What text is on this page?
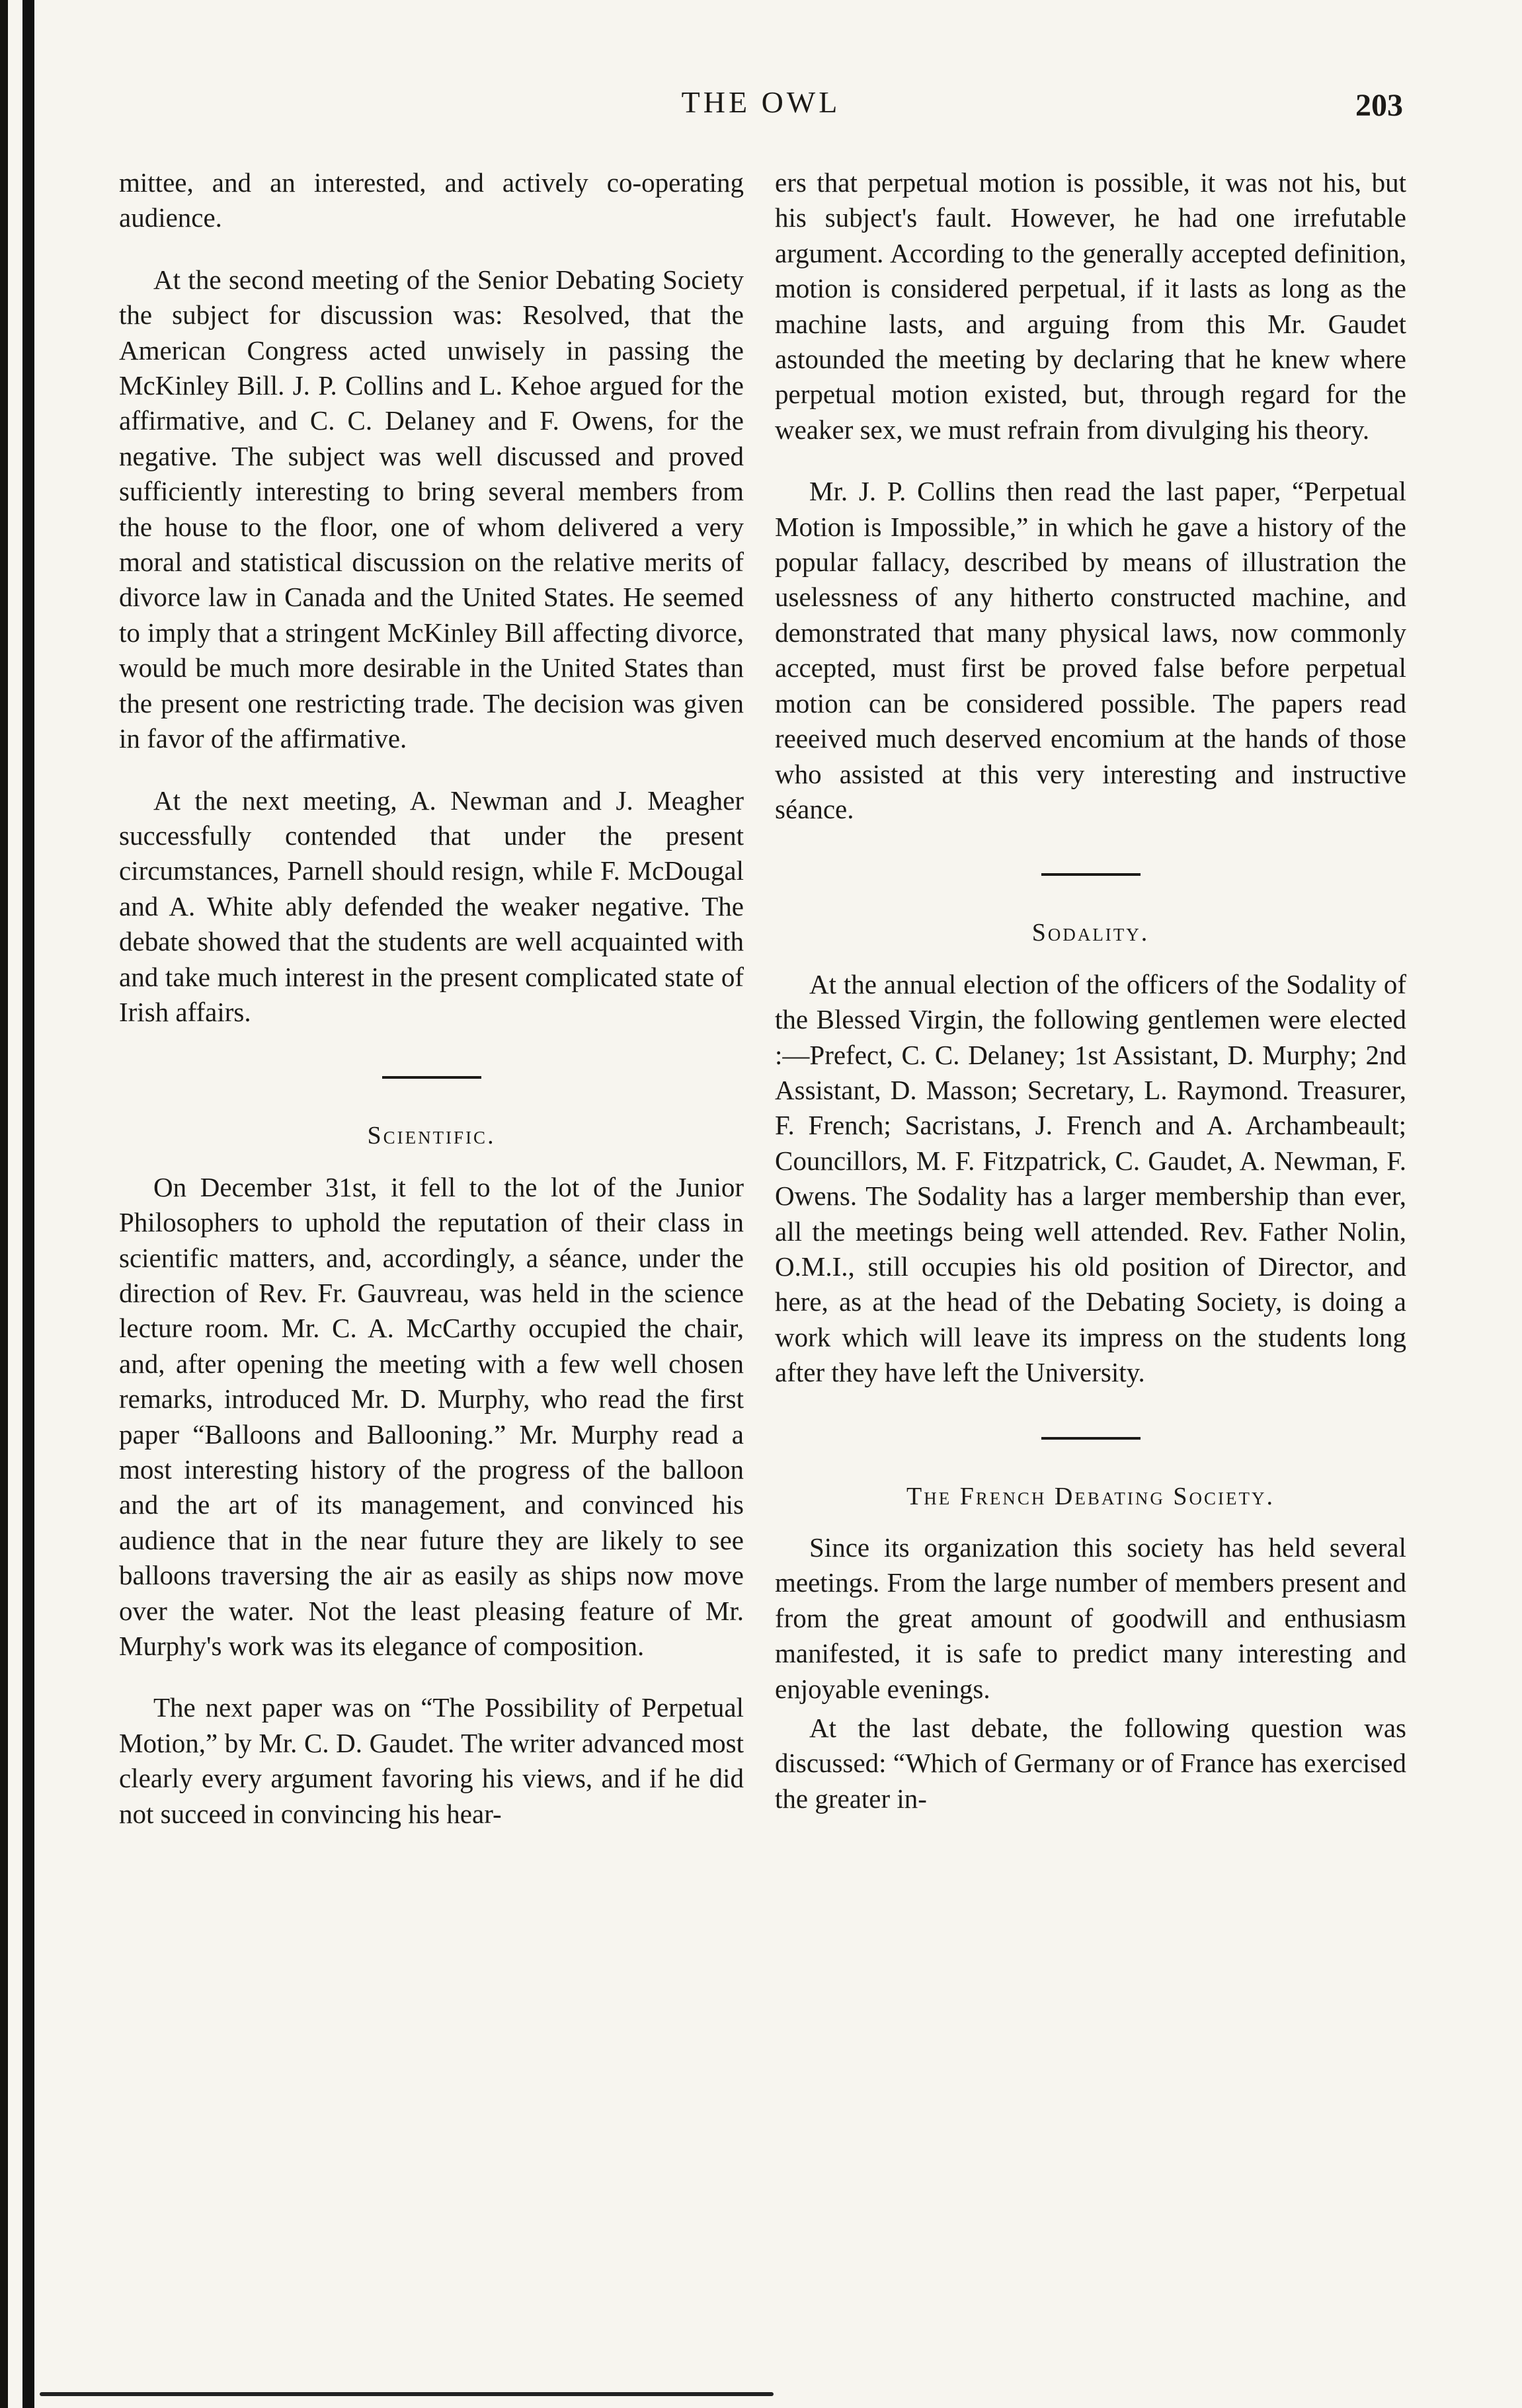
THE OWL	203

mittee, and an interested, and actively co-operating audience.

At the second meeting of the Senior Debating Society the subject for discussion was: Resolved, that the American Congress acted unwisely in passing the McKinley Bill. J. P. Collins and L. Kehoe argued for the affirmative, and C. C. Delaney and F. Owens, for the negative. The subject was well discussed and proved sufficiently interesting to bring several members from the house to the floor, one of whom delivered a very moral and statistical discussion on the relative merits of divorce law in Canada and the United States. He seemed to imply that a stringent McKinley Bill affecting divorce, would be much more desirable in the United States than the present one restricting trade. The decision was given in favor of the affirmative.

At the next meeting, A. Newman and J. Meagher successfully contended that under the present circumstances, Parnell should resign, while F. McDougal and A. White ably defended the weaker negative. The debate showed that the students are well acquainted with and take much interest in the present complicated state of Irish affairs.

Scientific.

On December 31st, it fell to the lot of the Junior Philosophers to uphold the reputation of their class in scientific matters, and, accordingly, a séance, under the direction of Rev. Fr. Gauvreau, was held in the science lecture room. Mr. C. A. McCarthy occupied the chair, and, after opening the meeting with a few well chosen remarks, introduced Mr. D. Murphy, who read the first paper “Balloons and Ballooning.” Mr. Murphy read a most interesting history of the progress of the balloon and the art of its management, and convinced his audience that in the near future they are likely to see balloons traversing the air as easily as ships now move over the water. Not the least pleasing feature of Mr. Murphy's work was its elegance of composition.

The next paper was on “The Possibility of Perpetual Motion,” by Mr. C. D. Gaudet. The writer advanced most clearly every argument favoring his views, and if he did not succeed in convincing his hear-

ers that perpetual motion is possible, it was not his, but his subject's fault. However, he had one irrefutable argument. According to the generally accepted definition, motion is considered perpetual, if it lasts as long as the machine lasts, and arguing from this Mr. Gaudet astounded the meeting by declaring that he knew where perpetual motion existed, but, through regard for the weaker sex, we must refrain from divulging his theory.

Mr. J. P. Collins then read the last paper, “Perpetual Motion is Impossible,” in which he gave a history of the popular fallacy, described by means of illustration the uselessness of any hitherto constructed machine, and demonstrated that many physical laws, now commonly accepted, must first be proved false before perpetual motion can be considered possible. The papers read reeeived much deserved encomium at the hands of those who assisted at this very interesting and instructive séance.

Sodality.

At the annual election of the officers of the Sodality of the Blessed Virgin, the following gentlemen were elected :—Prefect, C. C. Delaney; 1st Assistant, D. Murphy; 2nd Assistant, D. Masson; Secretary, L. Raymond. Treasurer, F. French; Sacristans, J. French and A. Archambeault; Councillors, M. F. Fitzpatrick, C. Gaudet, A. Newman, F. Owens. The Sodality has a larger membership than ever, all the meetings being well attended. Rev. Father Nolin, O.M.I., still occupies his old position of Director, and here, as at the head of the Debating Society, is doing a work which will leave its impress on the students long after they have left the University.

The French Debating Society.

Since its organization this society has held several meetings. From the large number of members present and from the great amount of goodwill and enthusiasm manifested, it is safe to predict many interesting and enjoyable evenings.

At the last debate, the following question was discussed: “Which of Germany or of France has exercised the greater in-
